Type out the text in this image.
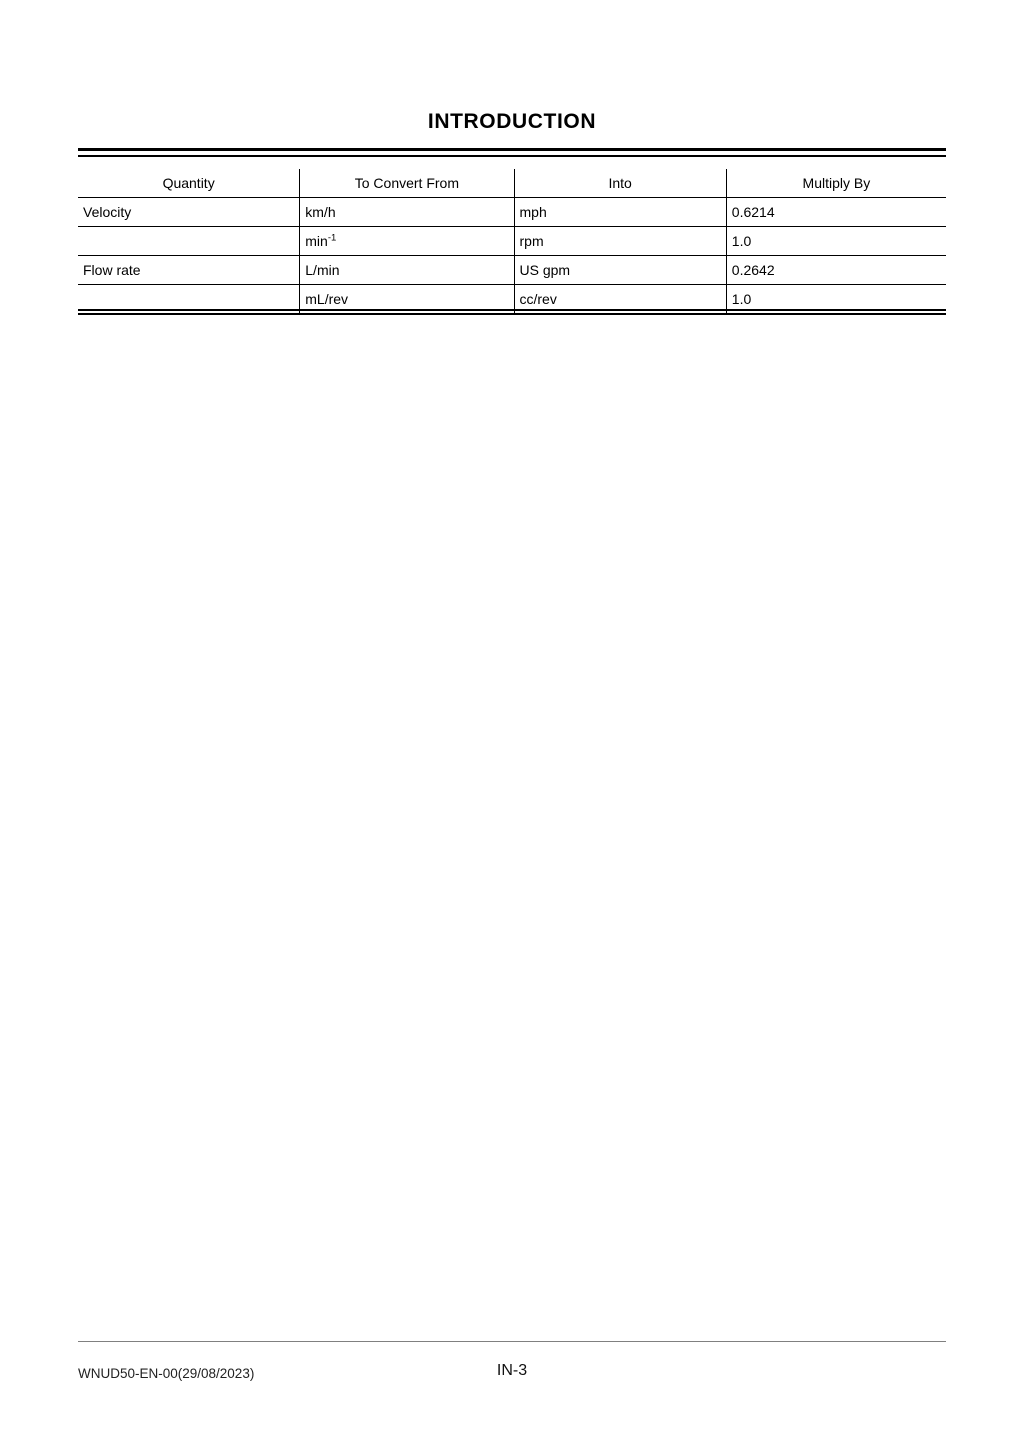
INTRODUCTION
Quantity	To Convert From	Into	Multiply By
Velocity	km/h	mph	0.6214
	$\min^{-1}$	rpm	1.0
Flow rate	L/min	US gpm	0.2642
	mL/rev	cc/rev	1.0
WNUD50-EN-00(29/08/2023)	IN-3
